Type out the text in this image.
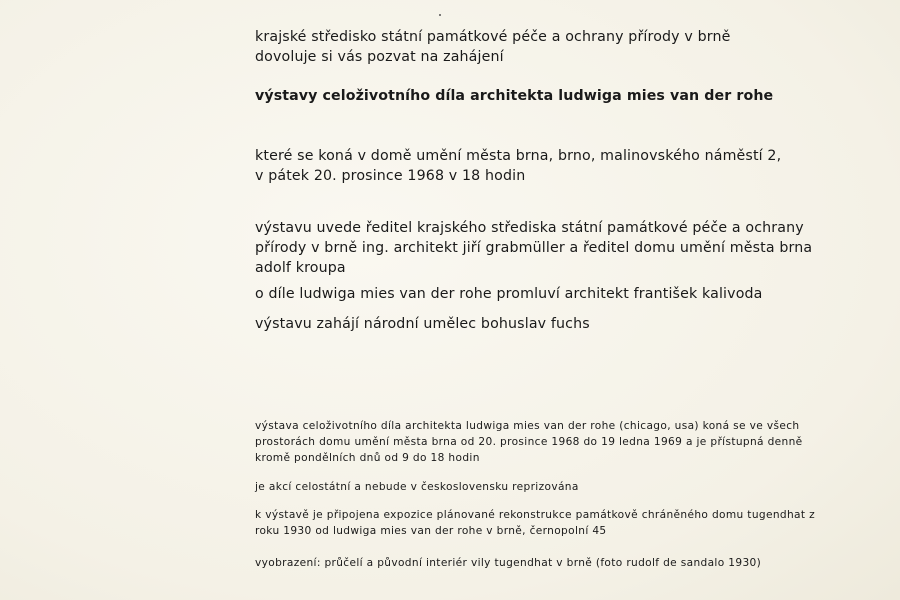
krajské středisko státní památkové péče a ochrany přírody v brně

dovoluje si vás pozvat na zahájení

výstavy celoživotního díla architekta ludwiga mies van der rohe

které se koná v domě umění města brna, brno, malinovského náměstí 2,

v pátek 20. prosince 1968 v 18 hodin

výstavu uvede ředitel krajského střediska státní památkové péče a ochrany přírody v brně ing. architekt jiří grabmüller a ředitel domu umění města brna adolf kroupa

o díle ludwiga mies van der rohe promluví architekt františek kalivoda

výstavu zahájí národní umělec bohuslav fuchs

výstava celoživotního díla architekta ludwiga mies van der rohe (chicago, usa) koná se ve všech prostorách domu umění města brna od 20. prosince 1968 do 19 ledna 1969 a je přístupná denně kromě pondělních dnů od 9 do 18 hodin

je akcí celostátní a nebude v československu reprizována

k výstavě je připojena expozice plánované rekonstrukce památkově chráněného domu tugendhat z roku 1930 od ludwiga mies van der rohe v brně, černopolní 45

vyobrazení: průčelí a původní interiér vily tugendhat v brně (foto rudolf de sandalo 1930)
